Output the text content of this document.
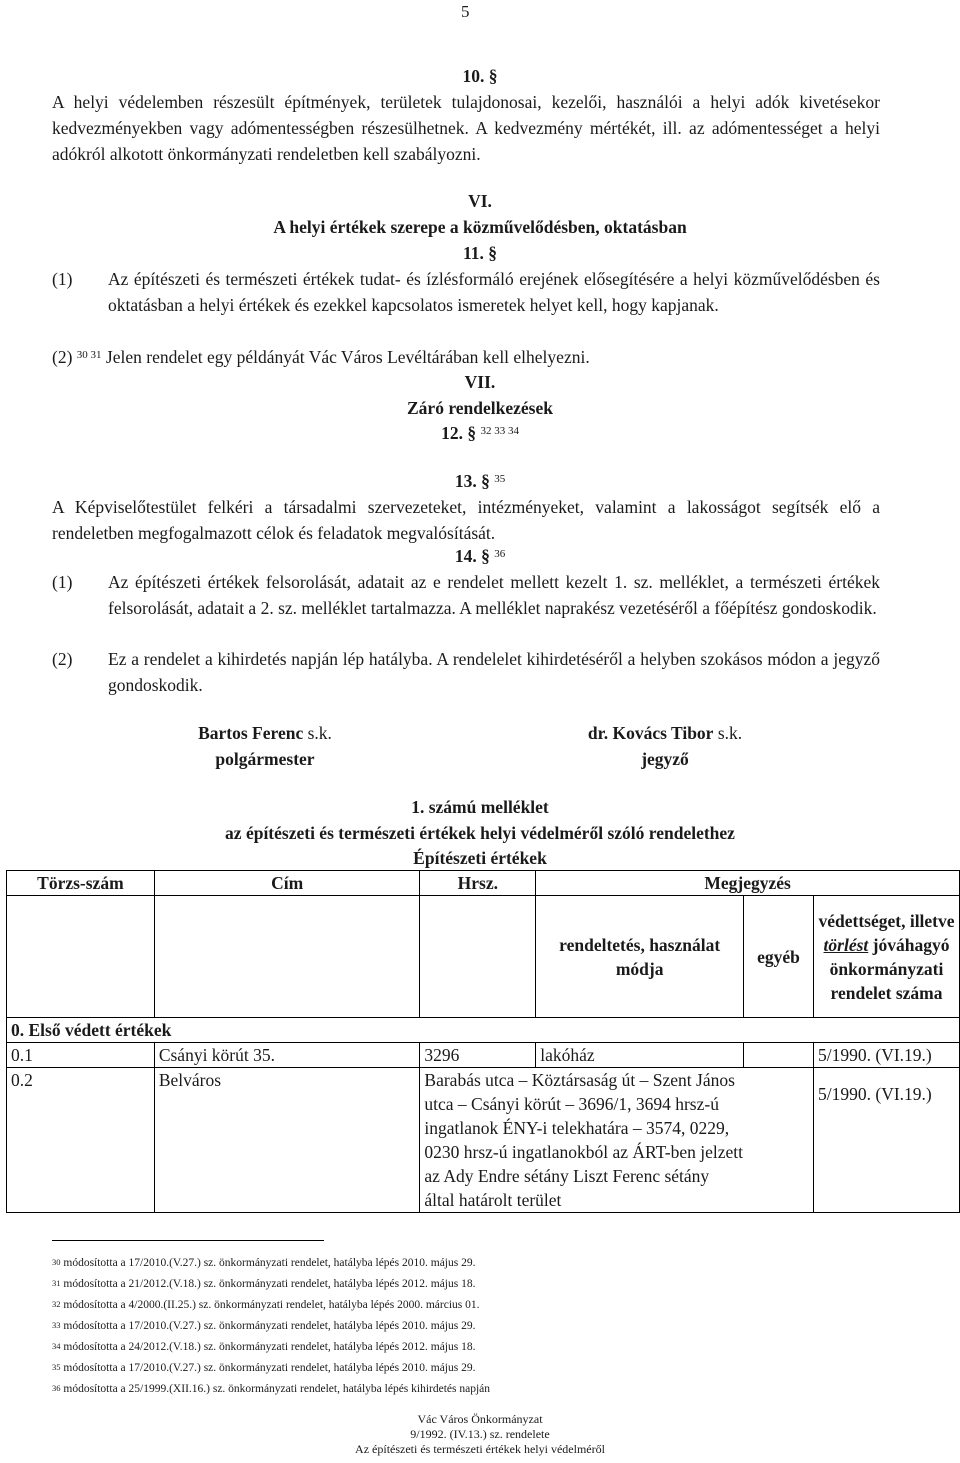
5
10. §
A helyi védelemben részesült építmények, területek tulajdonosai, kezelői, használói a helyi adók kivetésekor kedvezményekben vagy adómentességben részesülhetnek. A kedvezmény mértékét, ill. az adómentességet a helyi adókról alkotott önkormányzati rendeletben kell szabályozni.
VI.
A helyi értékek szerepe a közművelődésben, oktatásban
11. §
(1) Az építészeti és természeti értékek tudat- és ízlésformáló erejének elősegítésére a helyi közművelődésben és oktatásban a helyi értékek és ezekkel kapcsolatos ismeretek helyet kell, hogy kapjanak.
(2) $^{30 31}$ Jelen rendelet egy példányát Vác Város Levéltárában kell elhelyezni.
VII.
Záró rendelkezések
12. § $^{32 33 34}$
13. § $^{35}$
A Képviselőtestület felkéri a társadalmi szervezeteket, intézményeket, valamint a lakosságot segítsék elő a rendeletben megfogalmazott célok és feladatok megvalósítását.
14. § $^{36}$
(1) Az építészeti értékek felsorolását, adatait az e rendelet mellett kezelt 1. sz. melléklet, a természeti értékek felsorolását, adatait a 2. sz. melléklet tartalmazza. A melléklet naprakész vezetéséről a főépítész gondoskodik.
(2) Ez a rendelet a kihirdetés napján lép hatályba. A rendelelet kihirdetéséről a helyben szokásos módon a jegyző gondoskodik.
Bartos Ferenc s.k.
polgármester
dr. Kovács Tibor s.k.
jegyző
1. számú melléklet
az építészeti és természeti értékek helyi védelméről szóló rendelethez
Építészeti értékek
Törzs-szám	Cím	Hrsz.	Megjegyzés		
			rendeltetés, használat módja	egyéb	védettséget, illetve törlést jóváhagyó önkormányzati rendelet száma
0. Első védett értékek					
0.1	Csányi körút 35.	3296	lakóház		5/1990. (VI.19.)
0.2	Belváros	Barabás utca – Köztársaság út – Szent János utca – Csányi körút – 3696/1, 3694 hrsz-ú ingatlanok ÉNY-i telekhatára – 3574, 0229, 0230 hrsz-ú ingatlanokból az ÁRT-ben jelzett az Ady Endre sétány Liszt Ferenc sétány által határolt terület			5/1990. (VI.19.)
$^{30}$ módosította a 17/2010.(V.27.) sz. önkormányzati rendelet, hatályba lépés 2010. május 29.
$^{31}$ módosította a 21/2012.(V.18.) sz. önkormányzati rendelet, hatályba lépés 2012. május 18.
$^{32}$ módosította a 4/2000.(II.25.) sz. önkormányzati rendelet, hatályba lépés 2000. március 01.
$^{33}$ módosította a 17/2010.(V.27.) sz. önkormányzati rendelet, hatályba lépés 2010. május 29.
$^{34}$ módosította a 24/2012.(V.18.) sz. önkormányzati rendelet, hatályba lépés 2012. május 18.
$^{35}$ módosította a 17/2010.(V.27.) sz. önkormányzati rendelet, hatályba lépés 2010. május 29.
$^{36}$ módosította a 25/1999.(XII.16.) sz. önkormányzati rendelet, hatályba lépés kihirdetés napján
Vác Város Önkormányzat
9/1992. (IV.13.) sz. rendelete
Az építészeti és természeti értékek helyi védelméről
